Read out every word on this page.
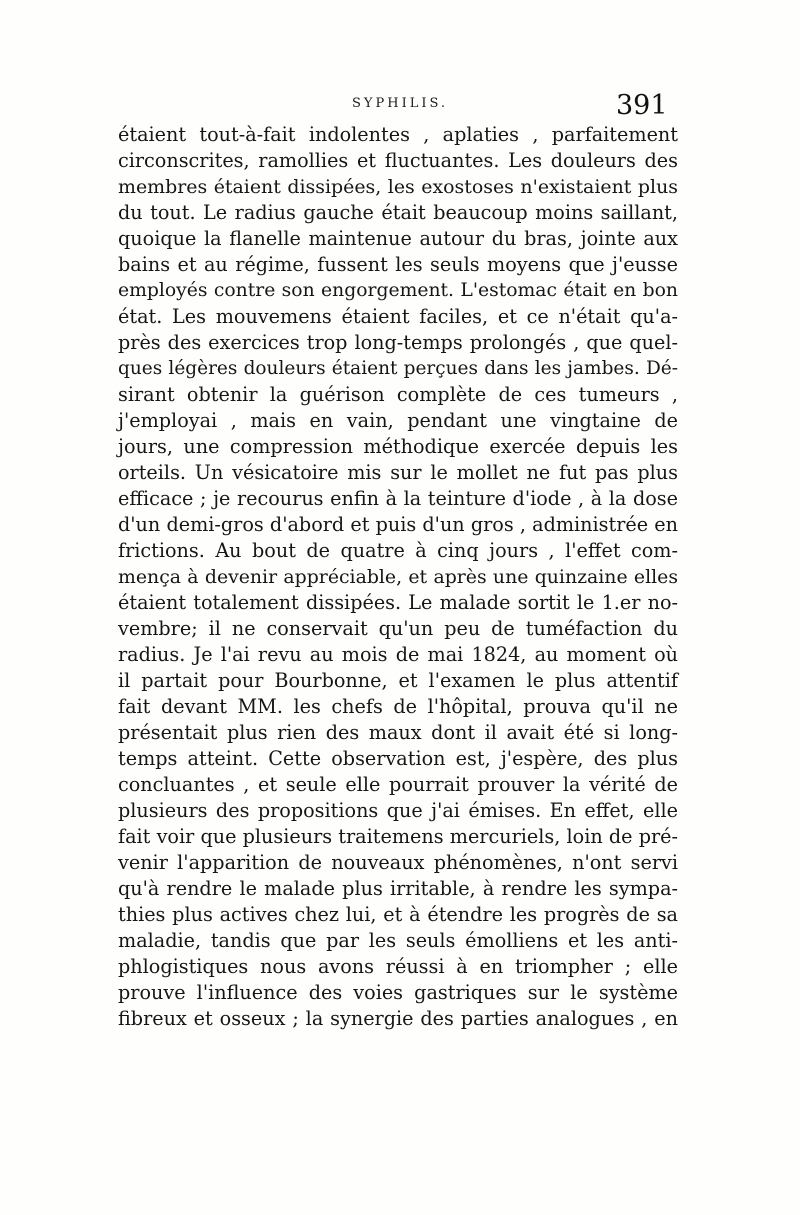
SYPHILIS.	391
étaient tout-à-fait indolentes , aplaties , parfaitement
circonscrites, ramollies et fluctuantes. Les douleurs des
membres étaient dissipées, les exostoses n'existaient plus
du tout. Le radius gauche était beaucoup moins saillant,
quoique la flanelle maintenue autour du bras, jointe aux
bains et au régime, fussent les seuls moyens que j'eusse
employés contre son engorgement. L'estomac était en bon
état. Les mouvemens étaient faciles, et ce n'était qu'a-
près des exercices trop long-temps prolongés , que quel-
ques légères douleurs étaient perçues dans les jambes. Dé-
sirant obtenir la guérison complète de ces tumeurs ,
j'employai , mais en vain, pendant une vingtaine de
jours, une compression méthodique exercée depuis les
orteils. Un vésicatoire mis sur le mollet ne fut pas plus
efficace ; je recourus enfin à la teinture d'iode , à la dose
d'un demi-gros d'abord et puis d'un gros , administrée en
frictions. Au bout de quatre à cinq jours , l'effet com-
mença à devenir appréciable, et après une quinzaine elles
étaient totalement dissipées. Le malade sortit le 1.er no-
vembre; il ne conservait qu'un peu de tuméfaction du
radius. Je l'ai revu au mois de mai 1824, au moment où
il partait pour Bourbonne, et l'examen le plus attentif
fait devant MM. les chefs de l'hôpital, prouva qu'il ne
présentait plus rien des maux dont il avait été si long-
temps atteint. Cette observation est, j'espère, des plus
concluantes , et seule elle pourrait prouver la vérité de
plusieurs des propositions que j'ai émises. En effet, elle
fait voir que plusieurs traitemens mercuriels, loin de pré-
venir l'apparition de nouveaux phénomènes, n'ont servi
qu'à rendre le malade plus irritable, à rendre les sympa-
thies plus actives chez lui, et à étendre les progrès de sa
maladie, tandis que par les seuls émolliens et les anti-
phlogistiques nous avons réussi à en triompher ; elle
prouve l'influence des voies gastriques sur le système
fibreux et osseux ; la synergie des parties analogues , en
